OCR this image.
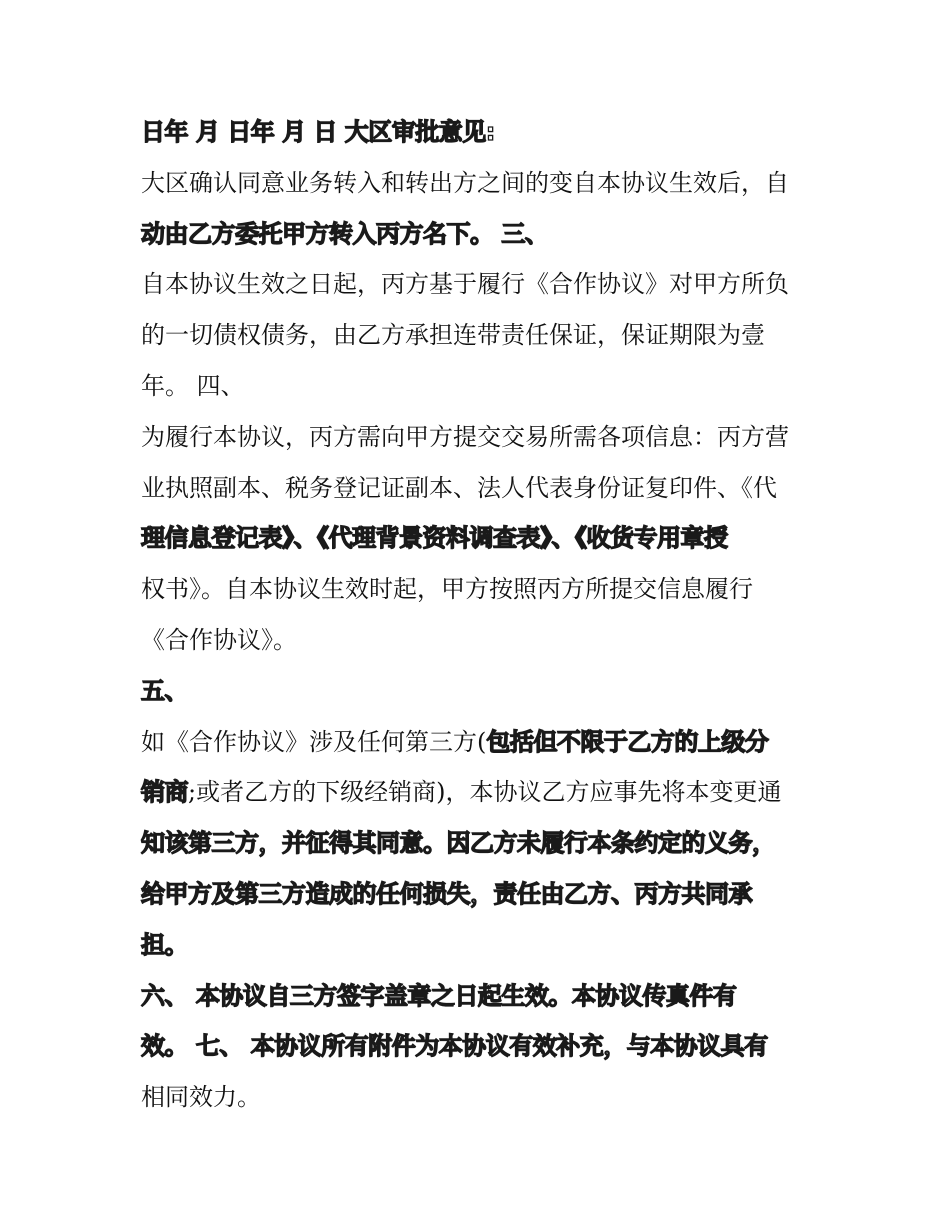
日年 月 日年 月 日 大区审批意见:
大区确认同意业务转入和转出方之间的变自本协议生效后，自
动由乙方委托甲方转入丙方名下。 三、
自本协议生效之日起，丙方基于履行《合作协议》对甲方所负
的一切债权债务，由乙方承担连带责任保证，保证期限为壹
年。 四、
为履行本协议，丙方需向甲方提交交易所需各项信息：丙方营
业执照副本、税务登记证副本、法人代表身份证复印件、《代
理信息登记表》、《代理背景资料调查表》、《收货专用章授
权书》。自本协议生效时起，甲方按照丙方所提交信息履行
《合作协议》。
五、
如《合作协议》涉及任何第三方(包括但不限于乙方的上级分
销商;或者乙方的下级经销商)，本协议乙方应事先将本变更通
知该第三方，并征得其同意。因乙方未履行本条约定的义务，
给甲方及第三方造成的任何损失，责任由乙方、丙方共同承
担。
六、 本协议自三方签字盖章之日起生效。本协议传真件有
效。 七、 本协议所有附件为本协议有效补充，与本协议具有
相同效力。
